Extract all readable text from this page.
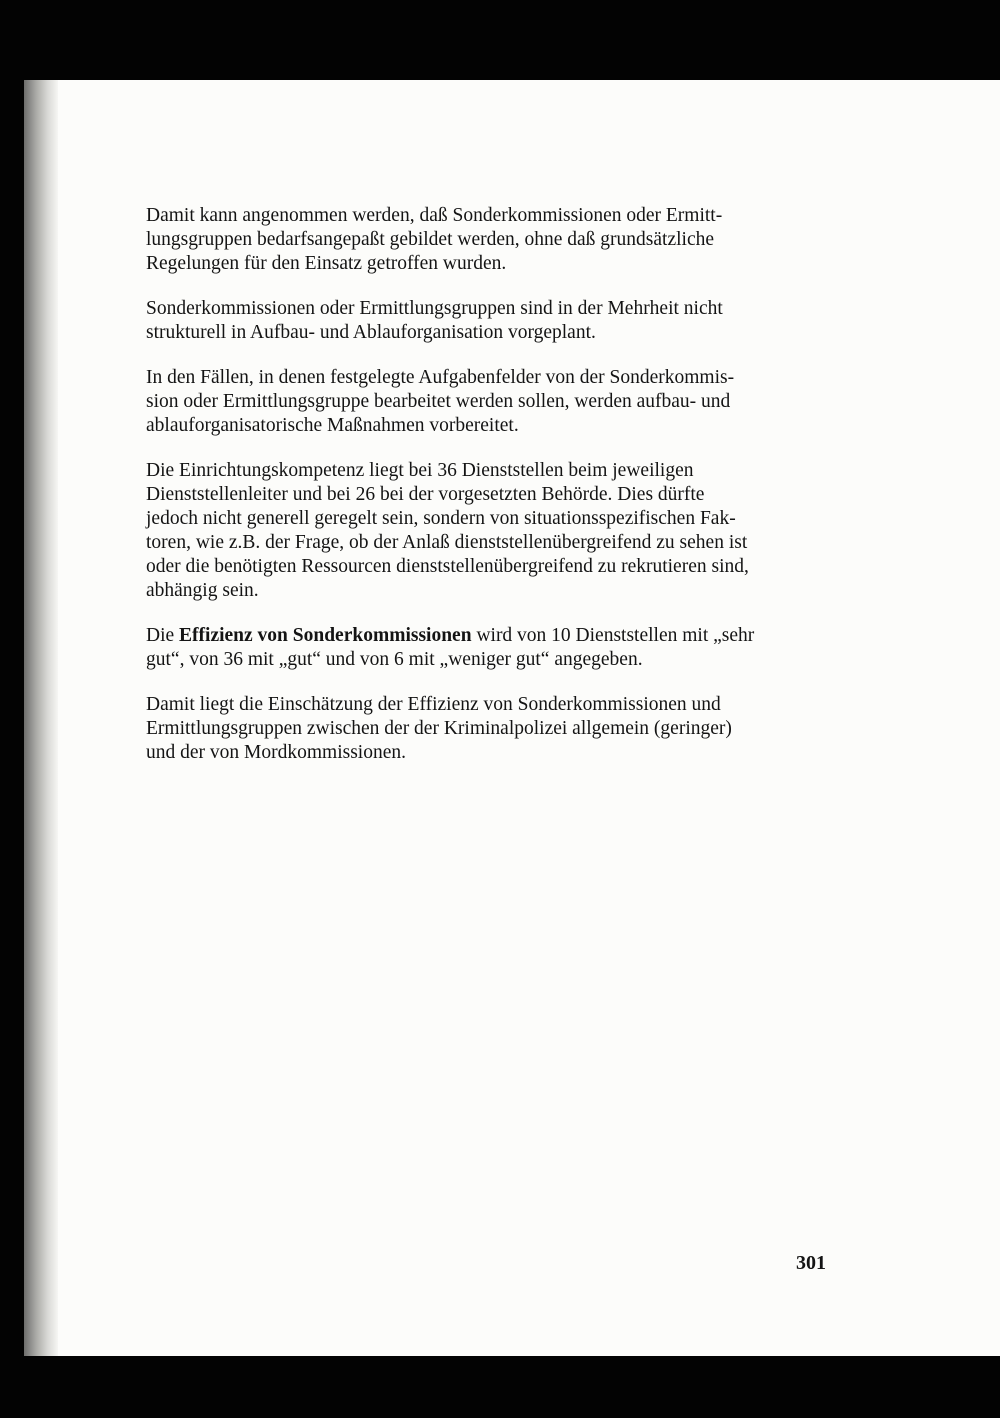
Damit kann angenommen werden, daß Sonderkommissionen oder Ermitt-
lungsgruppen bedarfsangepaßt gebildet werden, ohne daß grundsätzliche
Regelungen für den Einsatz getroffen wurden.

Sonderkommissionen oder Ermittlungsgruppen sind in der Mehrheit nicht
strukturell in Aufbau- und Ablauforganisation vorgeplant.

In den Fällen, in denen festgelegte Aufgabenfelder von der Sonderkommis-
sion oder Ermittlungsgruppe bearbeitet werden sollen, werden aufbau- und
ablauforganisatorische Maßnahmen vorbereitet.

Die Einrichtungskompetenz liegt bei 36 Dienststellen beim jeweiligen
Dienststellenleiter und bei 26 bei der vorgesetzten Behörde. Dies dürfte
jedoch nicht generell geregelt sein, sondern von situationsspezifischen Fak-
toren, wie z.B. der Frage, ob der Anlaß dienststellenübergreifend zu sehen ist
oder die benötigten Ressourcen dienststellenübergreifend zu rekrutieren sind,
abhängig sein.

Die Effizienz von Sonderkommissionen wird von 10 Dienststellen mit „sehr
gut“, von 36 mit „gut“ und von 6 mit „weniger gut“ angegeben.

Damit liegt die Einschätzung der Effizienz von Sonderkommissionen und
Ermittlungsgruppen zwischen der der Kriminalpolizei allgemein (geringer)
und der von Mordkommissionen.

301
